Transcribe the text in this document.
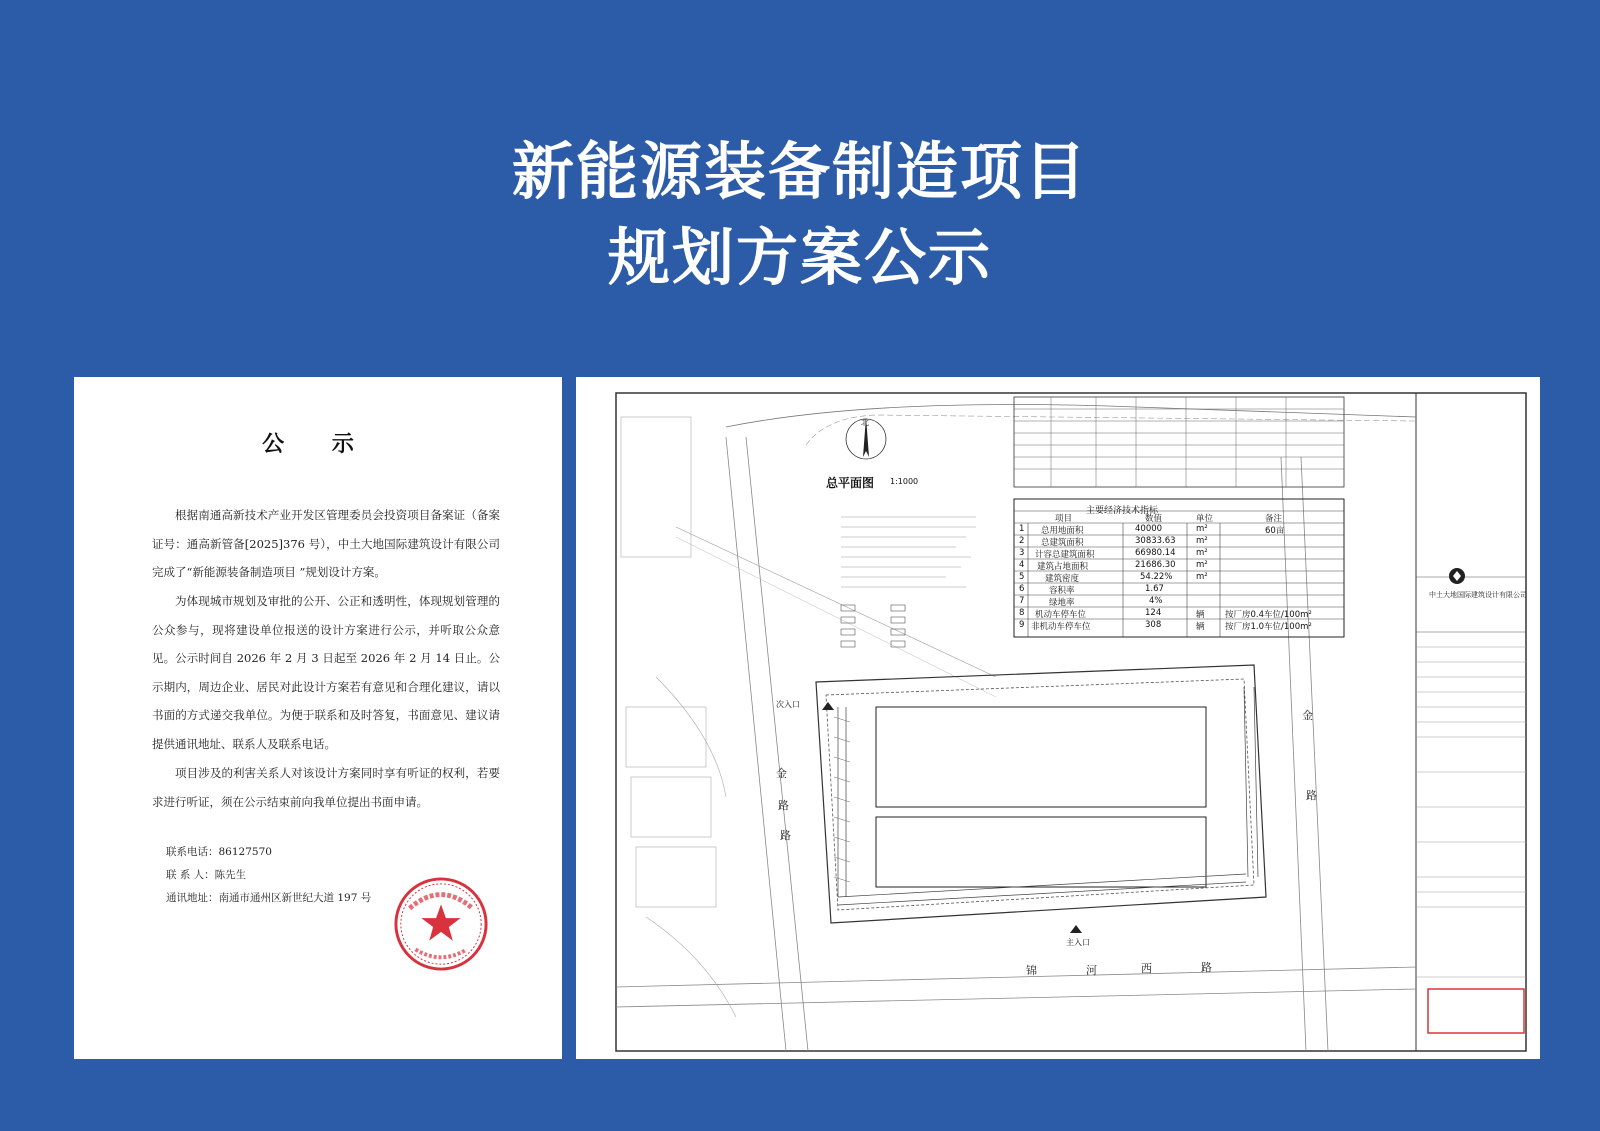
新能源装备制造项目
规划方案公示
公 示
根据南通高新技术产业开发区管理委员会投资项目备案证（备案证号：通高新管备[2025]376 号），中土大地国际建筑设计有限公司完成了“新能源装备制造项目 ”规划设计方案。
为体现城市规划及审批的公开、公正和透明性，体现规划管理的公众参与，现将建设单位报送的设计方案进行公示，并听取公众意见。公示时间自 2026 年 2 月 3 日起至 2026 年 2 月 14 日止。公示期内，周边企业、居民对此设计方案若有意见和合理化建议，请以书面的方式递交我单位。为便于联系和及时答复，书面意见、建议请提供通讯地址、联系人及联系电话。
项目涉及的利害关系人对该设计方案同时享有听证的权利，若要求进行听证，须在公示结束前向我单位提出书面申请。
联系电话：86127570
联 系 人：陈先生
通讯地址：南通市通州区新世纪大道 197 号
总平面图 1:1000
北
主要经济技术指标
项目	数值	单位	备注
1 总用地面积	40000	m²	60亩
2 总建筑面积	30833.63 m²
3 计容总建筑面积	66980.14 m²
4 建筑占地面积	21686.30 m²
5 建筑密度	54.22%	m²
6	容积率	1.67
7	绿地率	4%
8 机动车停车位	124	辆 按厂房0.4车位/100m²
9 非机动车停车位	308	辆 按厂房1.0车位/100m²
金
路
路
金
路
锦	河	西	路
次入口
主入口
中土大地国际建筑设计有限公司
